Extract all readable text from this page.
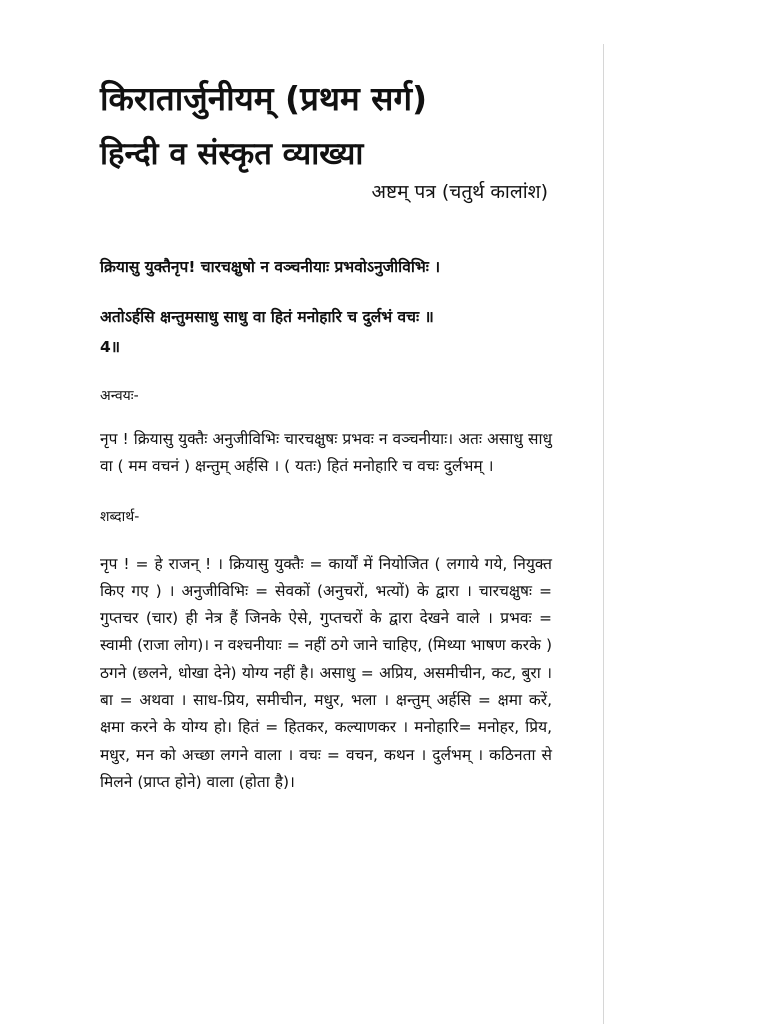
किरातार्जुनीयम् (प्रथम सर्ग)
हिन्दी व संस्कृत व्याख्या

अष्टम् पत्र (चतुर्थ कालांश)

क्रियासु युक्तैनृप! चारचक्षुषो न वञ्चनीयाः प्रभवोऽनुजीविभिः ।

अतोऽर्हसि क्षन्तुमसाधु साधु वा हितं मनोहारि च दुर्लभं वचः ॥
4॥

अन्वयः-

नृप ! क्रियासु युक्तैः अनुजीविभिः चारचक्षुषः प्रभवः न वञ्चनीयाः। अतः असाधु साधु वा ( मम वचनं ) क्षन्तुम् अर्हसि । ( यतः) हितं मनोहारि च वचः दुर्लभम् ।

शब्दार्थ-

नृप ! = हे राजन् ! । क्रियासु युक्तैः = कार्यों में नियोजित ( लगाये गये, नियुक्त किए गए ) । अनुजीविभिः = सेवकों (अनुचरों, भत्यों) के द्वारा । चारचक्षुषः = गुप्तचर (चार) ही नेत्र हैं जिनके ऐसे, गुप्तचरों के द्वारा देखने वाले । प्रभवः = स्वामी (राजा लोग)। न वश्चनीयाः = नहीं ठगे जाने चाहिए, (मिथ्या भाषण करके ) ठगने (छलने, धोखा देने) योग्य नहीं है। असाधु = अप्रिय, असमीचीन, कट, बुरा । बा = अथवा । साध-प्रिय, समीचीन, मधुर, भला । क्षन्तुम् अर्हसि = क्षमा करें, क्षमा करने के योग्य हो। हितं = हितकर, कल्याणकर । मनोहारि= मनोहर, प्रिय, मधुर, मन को अच्छा लगने वाला । वचः = वचन, कथन । दुर्लभम् । कठिनता से मिलने (प्राप्त होने) वाला (होता है)।
